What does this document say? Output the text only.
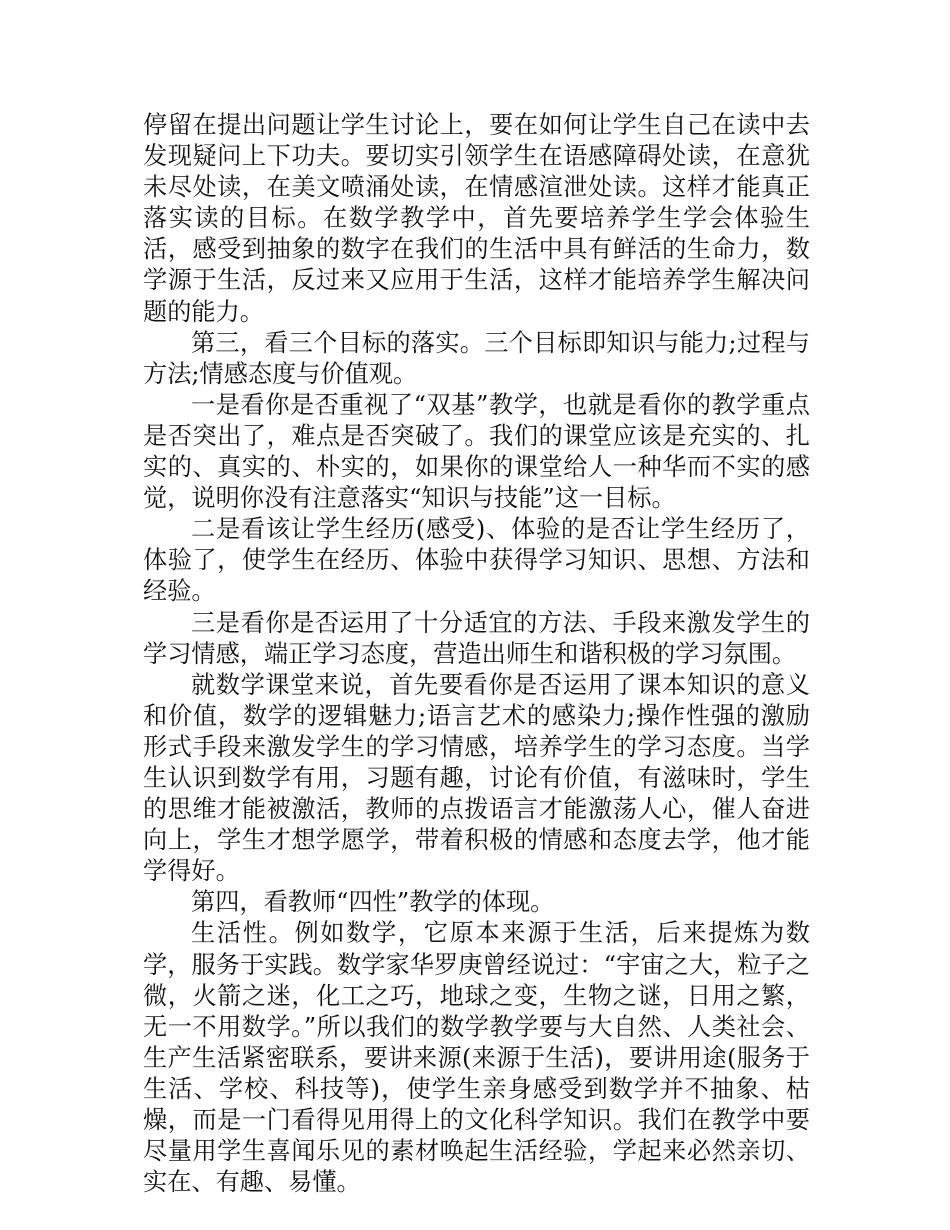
停留在提出问题让学生讨论上，要在如何让学生自己在读中去发现疑问上下功夫。要切实引领学生在语感障碍处读，在意犹未尽处读，在美文喷涌处读，在情感渲泄处读。这样才能真正落实读的目标。在数学教学中，首先要培养学生学会体验生活，感受到抽象的数字在我们的生活中具有鲜活的生命力，数学源于生活，反过来又应用于生活，这样才能培养学生解决问题的能力。

第三，看三个目标的落实。三个目标即知识与能力;过程与方法;情感态度与价值观。

一是看你是否重视了“双基”教学，也就是看你的教学重点是否突出了，难点是否突破了。我们的课堂应该是充实的、扎实的、真实的、朴实的，如果你的课堂给人一种华而不实的感觉，说明你没有注意落实“知识与技能”这一目标。

二是看该让学生经历(感受)、体验的是否让学生经历了，体验了，使学生在经历、体验中获得学习知识、思想、方法和经验。

三是看你是否运用了十分适宜的方法、手段来激发学生的学习情感，端正学习态度，营造出师生和谐积极的学习氛围。

就数学课堂来说，首先要看你是否运用了课本知识的意义和价值，数学的逻辑魅力;语言艺术的感染力;操作性强的激励形式手段来激发学生的学习情感，培养学生的学习态度。当学生认识到数学有用，习题有趣，讨论有价值，有滋味时，学生的思维才能被激活，教师的点拨语言才能激荡人心，催人奋进向上，学生才想学愿学，带着积极的情感和态度去学，他才能学得好。

第四，看教师“四性”教学的体现。

生活性。例如数学，它原本来源于生活，后来提炼为数学，服务于实践。数学家华罗庚曾经说过：“宇宙之大，粒子之微，火箭之迷，化工之巧，地球之变，生物之谜，日用之繁，无一不用数学。”所以我们的数学教学要与大自然、人类社会、生产生活紧密联系，要讲来源(来源于生活)，要讲用途(服务于生活、学校、科技等)，使学生亲身感受到数学并不抽象、枯燥，而是一门看得见用得上的文化科学知识。我们在教学中要尽量用学生喜闻乐见的素材唤起生活经验，学起来必然亲切、实在、有趣、易懂。
